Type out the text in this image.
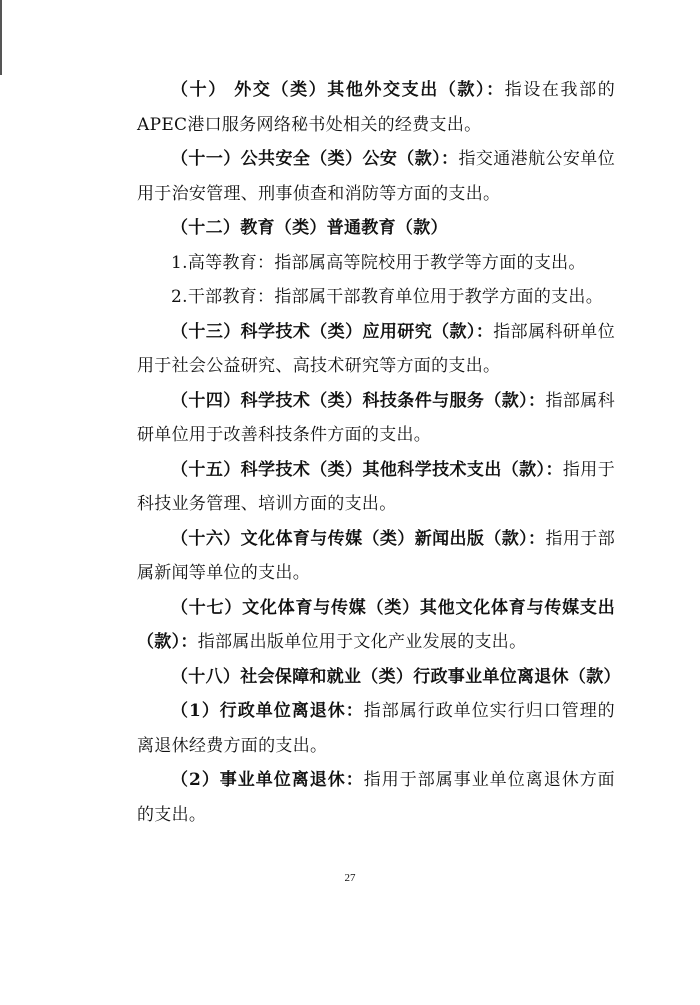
（十） 外交（类）其他外交支出（款）：指设在我部的APEC港口服务网络秘书处相关的经费支出。

（十一）公共安全（类）公安（款）：指交通港航公安单位用于治安管理、刑事侦查和消防等方面的支出。

（十二）教育（类）普通教育（款）

1.高等教育：指部属高等院校用于教学等方面的支出。

2.干部教育：指部属干部教育单位用于教学方面的支出。

（十三）科学技术（类）应用研究（款）：指部属科研单位用于社会公益研究、高技术研究等方面的支出。

（十四）科学技术（类）科技条件与服务（款）：指部属科研单位用于改善科技条件方面的支出。

（十五）科学技术（类）其他科学技术支出（款）：指用于科技业务管理、培训方面的支出。

（十六）文化体育与传媒（类）新闻出版（款）：指用于部属新闻等单位的支出。

（十七）文化体育与传媒（类）其他文化体育与传媒支出（款）：指部属出版单位用于文化产业发展的支出。

（十八）社会保障和就业（类）行政事业单位离退休（款）

（1）行政单位离退休：指部属行政单位实行归口管理的离退休经费方面的支出。

（2）事业单位离退休：指用于部属事业单位离退休方面的支出。

27
